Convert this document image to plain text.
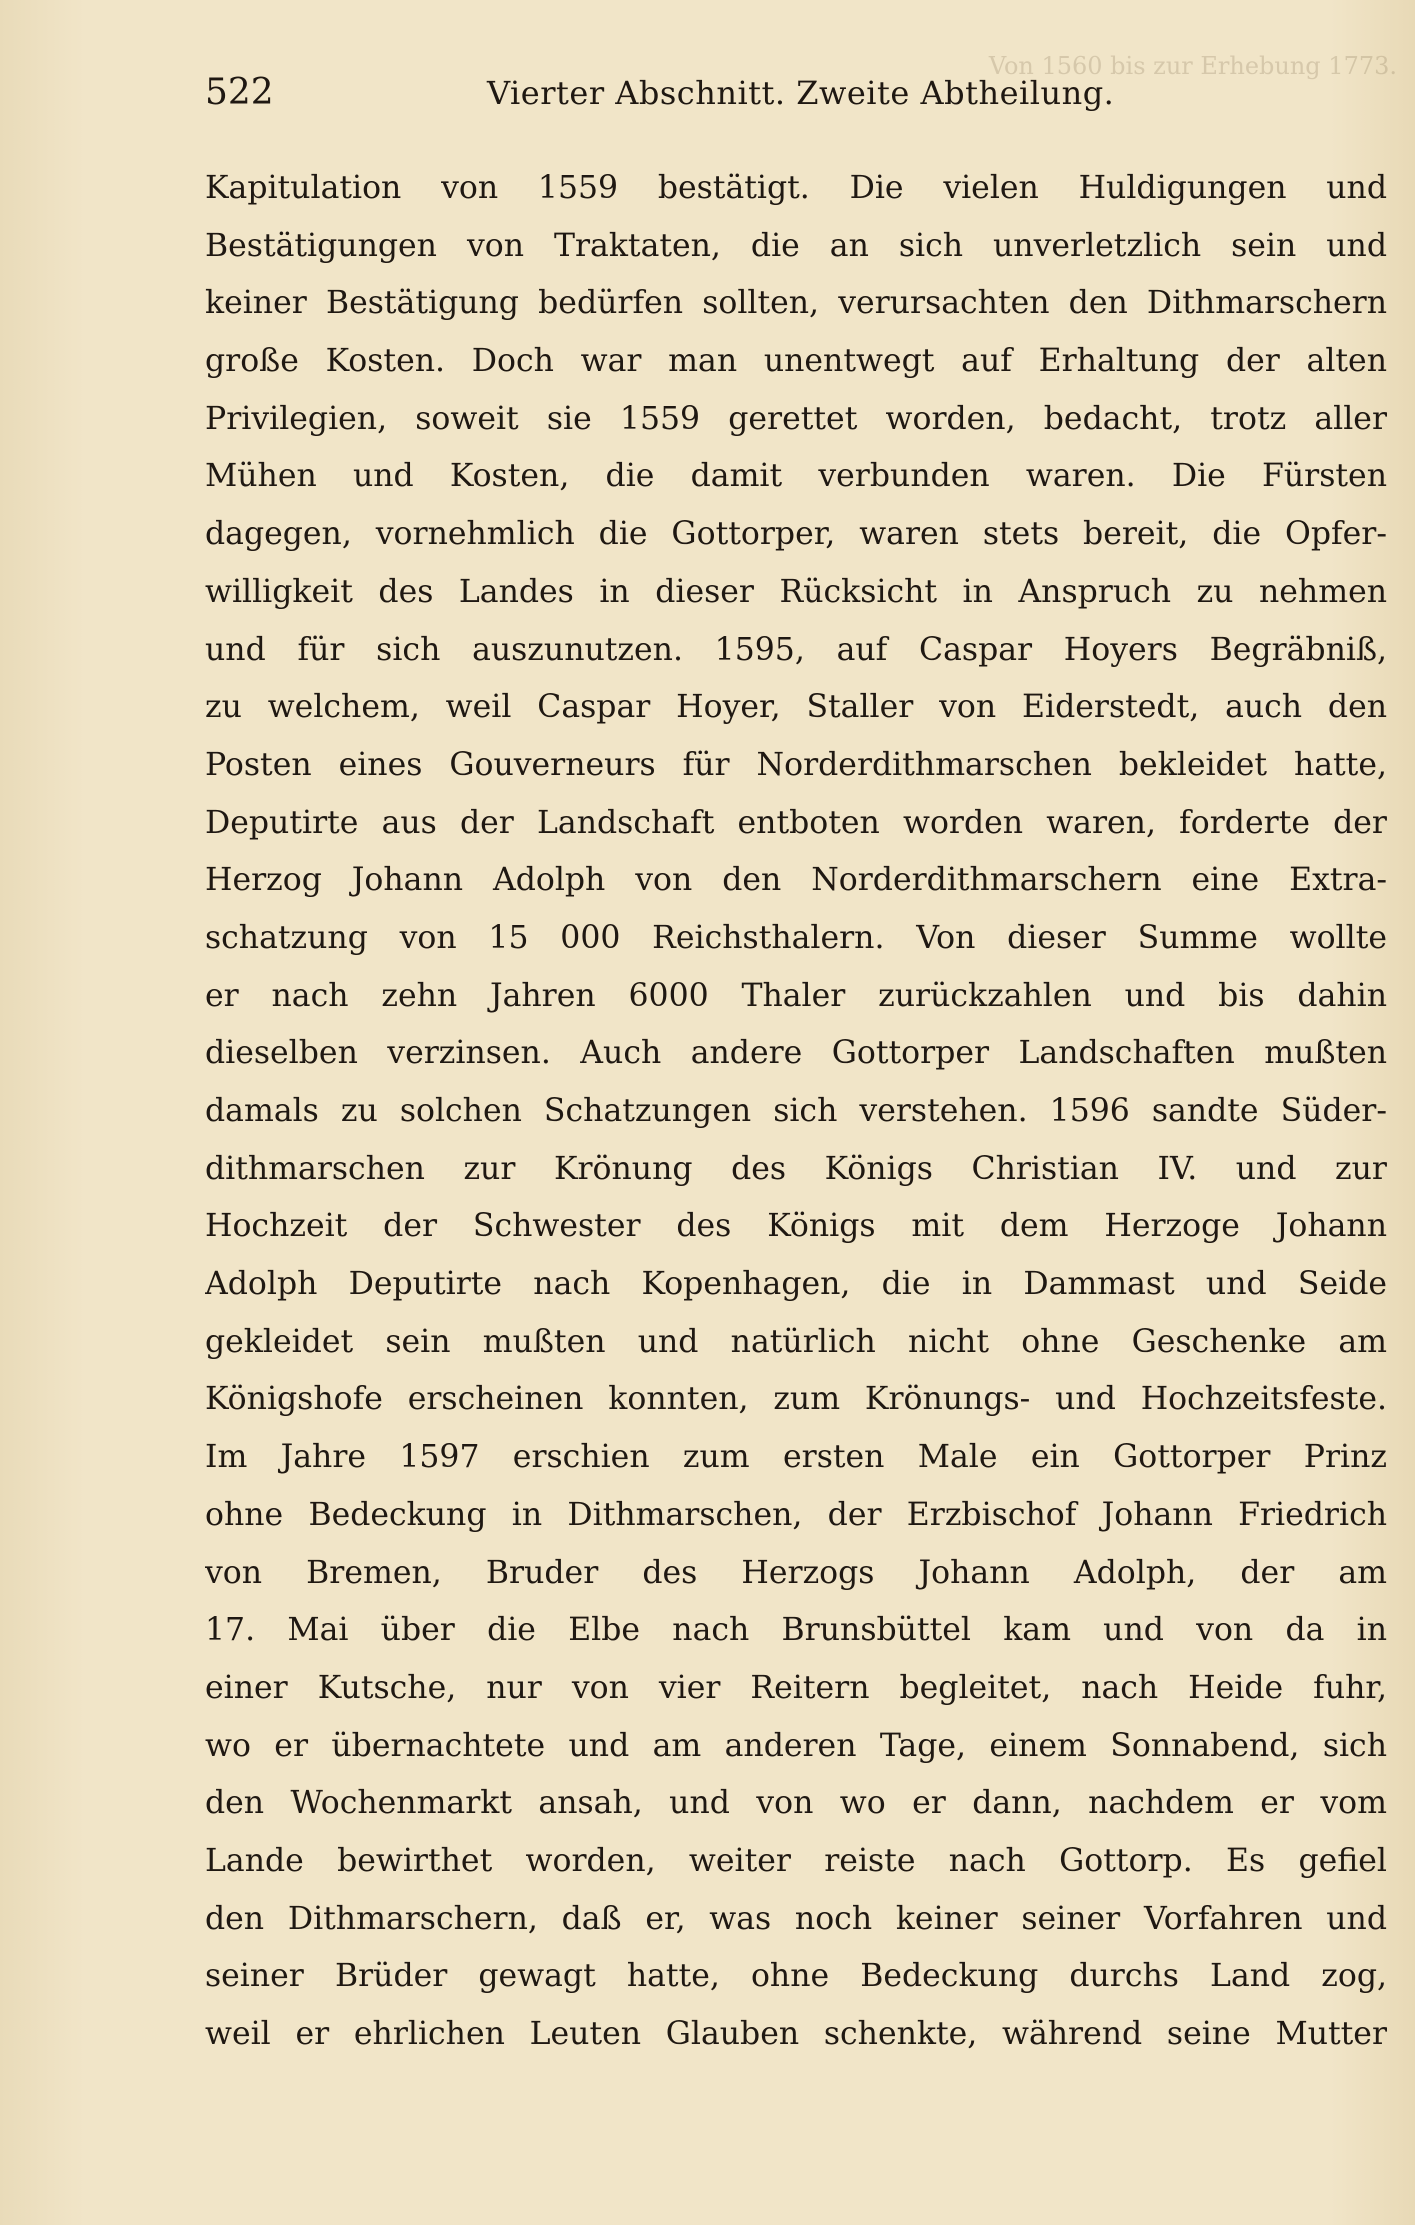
Von 1560 bis zur Erhebung 1773.
522	Vierter Abschnitt. Zweite Abtheilung.
Kapitulation von 1559 bestätigt. Die vielen Huldigungen und
Bestätigungen von Traktaten, die an sich unverletzlich sein und
keiner Bestätigung bedürfen sollten, verursachten den Dithmarschern
große Kosten. Doch war man unentwegt auf Erhaltung der alten
Privilegien, soweit sie 1559 gerettet worden, bedacht, trotz aller
Mühen und Kosten, die damit verbunden waren. Die Fürsten
dagegen, vornehmlich die Gottorper, waren stets bereit, die Opfer-
willigkeit des Landes in dieser Rücksicht in Anspruch zu nehmen
und für sich auszunutzen. 1595, auf Caspar Hoyers Begräbniß,
zu welchem, weil Caspar Hoyer, Staller von Eiderstedt, auch den
Posten eines Gouverneurs für Norderdithmarschen bekleidet hatte,
Deputirte aus der Landschaft entboten worden waren, forderte der
Herzog Johann Adolph von den Norderdithmarschern eine Extra-
schatzung von 15 000 Reichsthalern. Von dieser Summe wollte
er nach zehn Jahren 6000 Thaler zurückzahlen und bis dahin
dieselben verzinsen. Auch andere Gottorper Landschaften mußten
damals zu solchen Schatzungen sich verstehen. 1596 sandte Süder-
dithmarschen zur Krönung des Königs Christian IV. und zur
Hochzeit der Schwester des Königs mit dem Herzoge Johann
Adolph Deputirte nach Kopenhagen, die in Dammast und Seide
gekleidet sein mußten und natürlich nicht ohne Geschenke am
Königshofe erscheinen konnten, zum Krönungs- und Hochzeitsfeste.
Im Jahre 1597 erschien zum ersten Male ein Gottorper Prinz
ohne Bedeckung in Dithmarschen, der Erzbischof Johann Friedrich
von Bremen, Bruder des Herzogs Johann Adolph, der am
17. Mai über die Elbe nach Brunsbüttel kam und von da in
einer Kutsche, nur von vier Reitern begleitet, nach Heide fuhr,
wo er übernachtete und am anderen Tage, einem Sonnabend, sich
den Wochenmarkt ansah, und von wo er dann, nachdem er vom
Lande bewirthet worden, weiter reiste nach Gottorp. Es gefiel
den Dithmarschern, daß er, was noch keiner seiner Vorfahren und
seiner Brüder gewagt hatte, ohne Bedeckung durchs Land zog,
weil er ehrlichen Leuten Glauben schenkte, während seine Mutter
